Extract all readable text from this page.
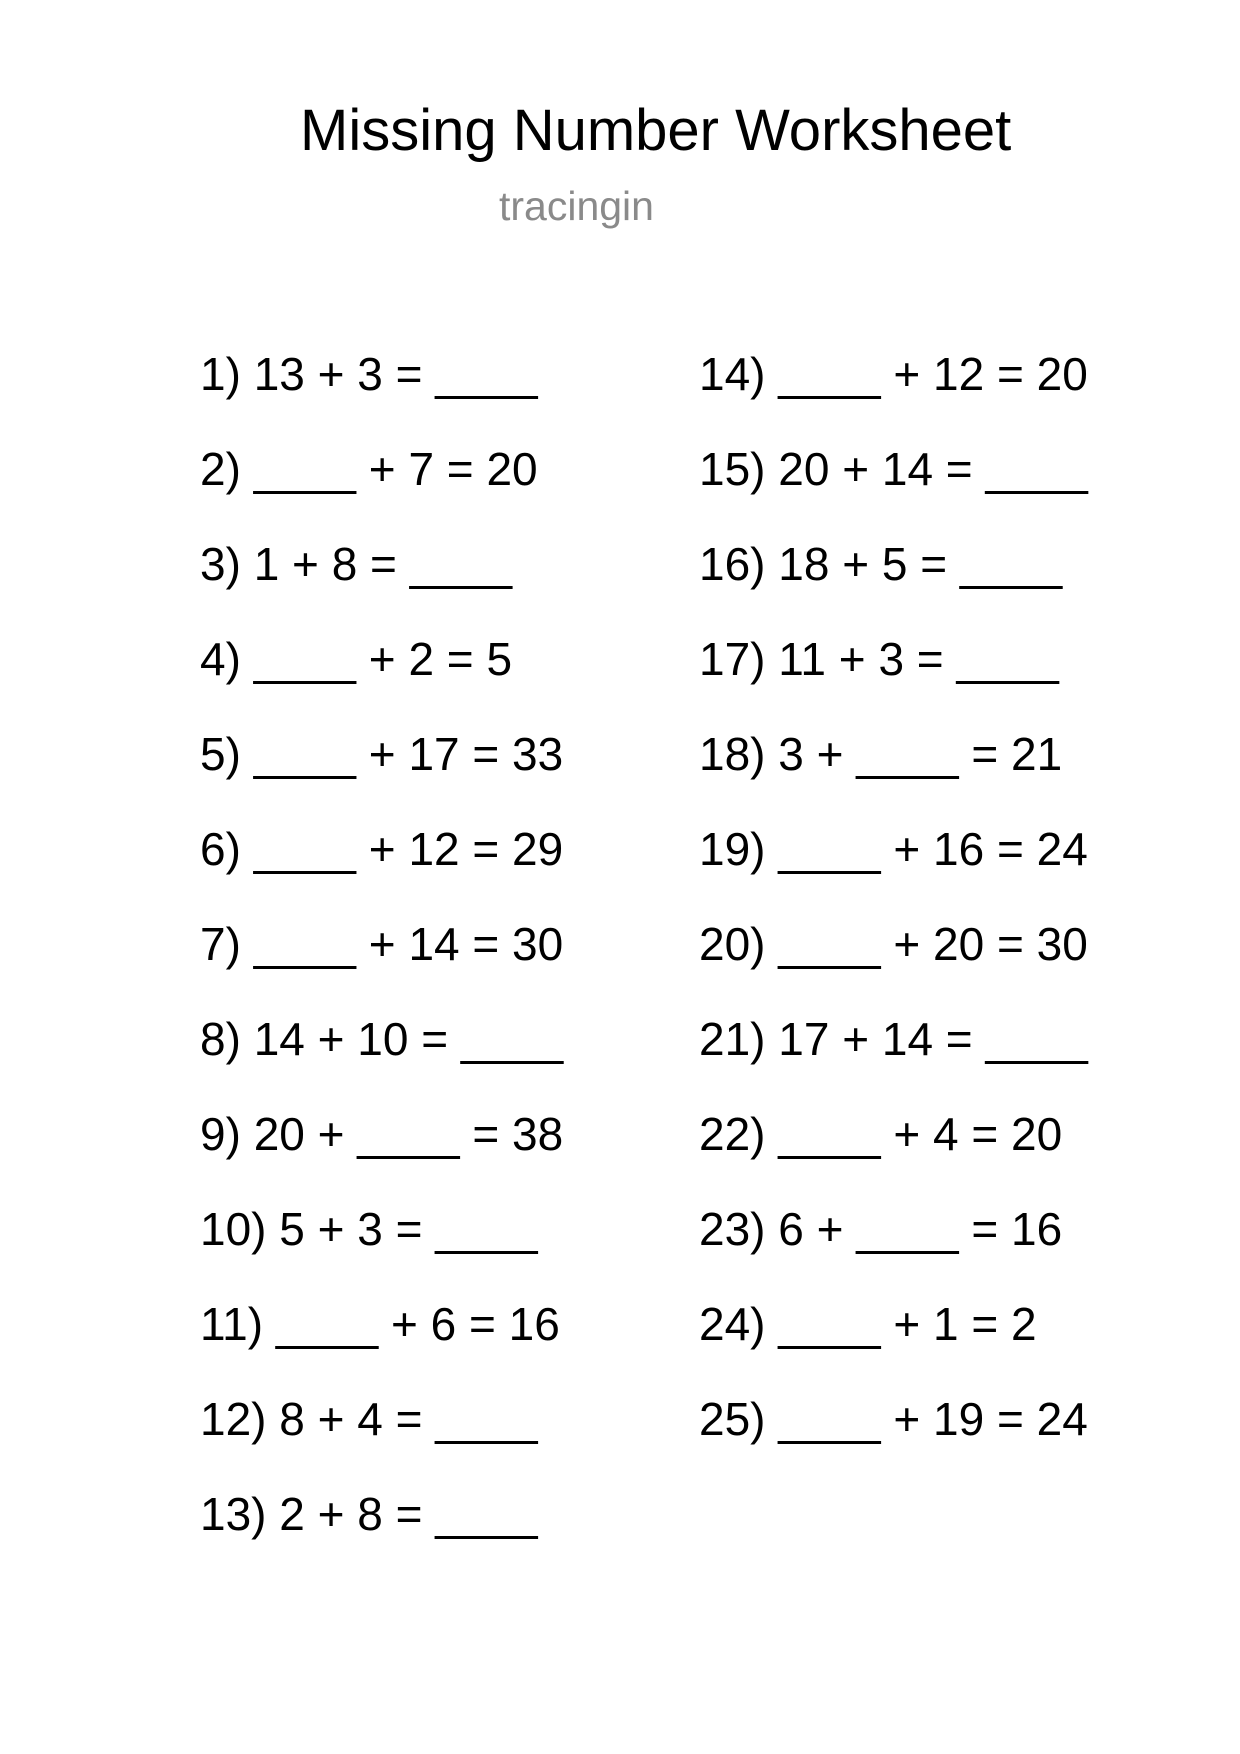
Missing Number Worksheet
tracingin
1) 13 + 3 = ____
2) ____ + 7 = 20
3) 1 + 8 = ____
4) ____ + 2 = 5
5) ____ + 17 = 33
6) ____ + 12 = 29
7) ____ + 14 = 30
8) 14 + 10 = ____
9) 20 + ____ = 38
10) 5 + 3 = ____
11) ____ + 6 = 16
12) 8 + 4 = ____
13) 2 + 8 = ____
14) ____ + 12 = 20
15) 20 + 14 = ____
16) 18 + 5 = ____
17) 11 + 3 = ____
18) 3 + ____ = 21
19) ____ + 16 = 24
20) ____ + 20 = 30
21) 17 + 14 = ____
22) ____ + 4 = 20
23) 6 + ____ = 16
24) ____ + 1 = 2
25) ____ + 19 = 24
